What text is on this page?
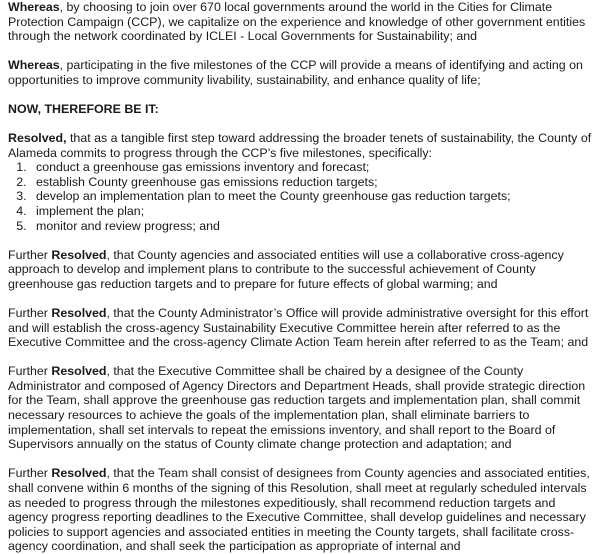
Whereas, by choosing to join over 670 local governments around the world in the Cities for Climate Protection Campaign (CCP), we capitalize on the experience and knowledge of other government entities through the network coordinated by ICLEI - Local Governments for Sustainability; and

Whereas, participating in the five milestones of the CCP will provide a means of identifying and acting on opportunities to improve community livability, sustainability, and enhance quality of life;

NOW, THEREFORE BE IT:

Resolved, that as a tangible first step toward addressing the broader tenets of sustainability, the County of Alameda commits to progress through the CCP’s five milestones, specifically:

1. conduct a greenhouse gas emissions inventory and forecast;
2. establish County greenhouse gas emissions reduction targets;
3. develop an implementation plan to meet the County greenhouse gas reduction targets;
4. implement the plan;
5. monitor and review progress; and

Further Resolved, that County agencies and associated entities will use a collaborative cross-agency approach to develop and implement plans to contribute to the successful achievement of County greenhouse gas reduction targets and to prepare for future effects of global warming; and

Further Resolved, that the County Administrator’s Office will provide administrative oversight for this effort and will establish the cross-agency Sustainability Executive Committee herein after referred to as the Executive Committee and the cross-agency Climate Action Team herein after referred to as the Team; and

Further Resolved, that the Executive Committee shall be chaired by a designee of the County Administrator and composed of Agency Directors and Department Heads, shall provide strategic direction for the Team, shall approve the greenhouse gas reduction targets and implementation plan, shall commit necessary resources to achieve the goals of the implementation plan, shall eliminate barriers to implementation, shall set intervals to repeat the emissions inventory, and shall report to the Board of Supervisors annually on the status of County climate change protection and adaptation; and

Further Resolved, that the Team shall consist of designees from County agencies and associated entities, shall convene within 6 months of the signing of this Resolution, shall meet at regularly scheduled intervals as needed to progress through the milestones expeditiously, shall recommend reduction targets and agency progress reporting deadlines to the Executive Committee, shall develop guidelines and necessary policies to support agencies and associated entities in meeting the County targets, shall facilitate cross-agency coordination, and shall seek the participation as appropriate of internal and
